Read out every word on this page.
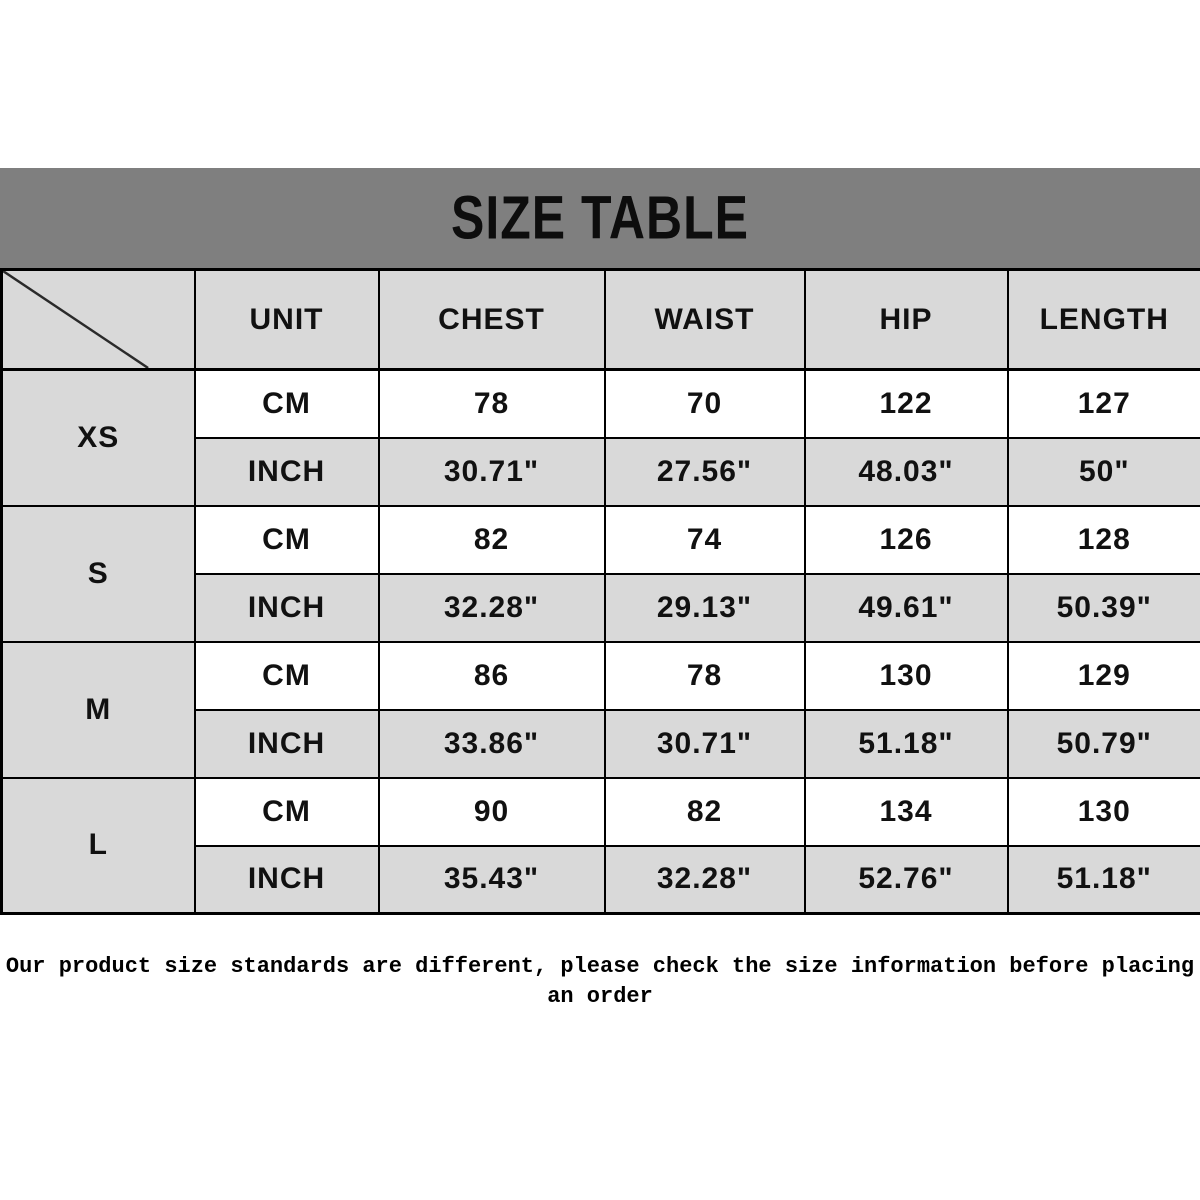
SIZE TABLE
	UNIT	CHEST	WAIST	HIP	LENGTH
XS	CM	78	70	122	127
	INCH	30.71"	27.56"	48.03"	50"
S	CM	82	74	126	128
	INCH	32.28"	29.13"	49.61"	50.39"
M	CM	86	78	130	129
	INCH	33.86"	30.71"	51.18"	50.79"
L	CM	90	82	134	130
	INCH	35.43"	32.28"	52.76"	51.18"
Our product size standards are different, please check the size information before placing
an order
